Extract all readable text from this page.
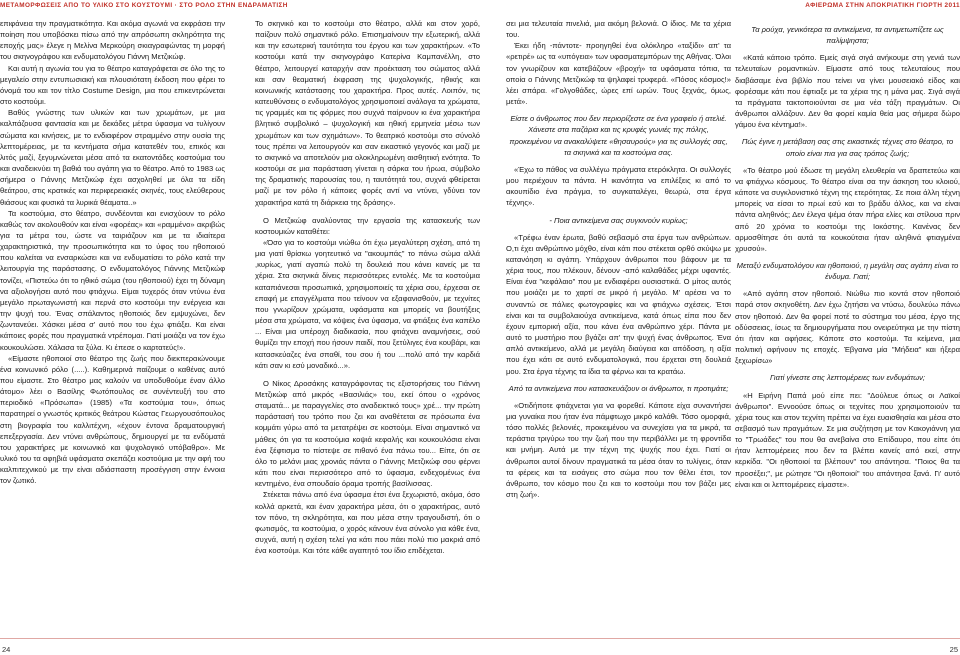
ΜΕΤΑΜΟΡΦΩΣΕΙΣ ΑΠΟ ΤΟ ΥΛΙΚΟ ΣΤΟ ΚΟΥΣΤΟΥΜΙ · ΣΤΟ ΡΟΛΟ ΣΤΗΝ ΕΝΔΡΑΜΑΤΙΣΗ	ΑΦΙΕΡΩΜΑ ΣΤΗΝ ΑΠΟΚΡΙΑΤΙΚΗ ΓΙΟΡΤΗ 2011

επιφάνεια την πραγματικότητα. Και ακόμα αγωνιά να εκφράσει την ποίηση που υποβόσκει πίσω από την απρόσωπη σκληρότητα της εποχής μας» έλεγε η Μελίνα Μερκούρη σκιαγραφώντας τη μορφή του σκηνογράφου και ενδυματολόγου Γιάννη Μετζικώφ.

Και αυτή η αγωνία του για το θέατρο καταγράφεται σε όλο της το μεγαλείο στην εντυπωσιακή και πλουσιότατη έκδοση που φέρει το όνομά του και τον τίτλο Costume Design, μια που επικεντρώνεται στο κοστούμι.

Βαθύς γνώστης των υλικών και των χρωμάτων, με μια καλπάζουσα φαντασία και με δεκάδες μέτρα ύφασμα να τυλίγουν σώματα και κινήσεις, με το ενδιαφέρον στραμμένο στην ουσία της λεπτομέρειας, με τα κεντήματα σήμα κατατεθέν του, επικός και λιτός μαζί, ξεγυμνώνεται μέσα από τα εκατοντάδες κοστούμια του και αναδεικνύει τη βαθιά του αγάπη για το θέατρο. Από το 1983 ως σήμερα ο Γιάννης Μετζικώφ έχει ασχοληθεί με όλα τα είδη θεάτρου, στις κρατικές και περιφερειακές σκηνές, τους ελεύθερους θιάσους και φυσικά τα λυρικά θέαματα..»

Τα κοστούμια, στο θέατρο, συνδέονται και ενισχύουν το ρόλο καθώς τον ακολουθούν και είναι «φορέας» και «ραμμένο» ακριβώς για τα μέτρα του, ώστε να ταιριάζουν και με τα ιδιαίτερα χαρακτηριστικά, την προσωπικότητα και το ύφος του ηθοποιού που καλείται να ενσαρκώσει και να ενδυματίσει το ρόλο κατά την λειτουργία της παράστασης. Ο ενδυματολόγος Γιάννης Μετζικώφ τονίζει, «Πιστεύω ότι το ηθικό σώμα (του ηθοποιού) έχει τη δύναμη να αξιολογήσει αυτό που φτιάχνω. Είμαι τυχερός όταν ντύνω ένα μεγάλο πρωταγωνιστή και περνά στο κοστούμι την ενέργεια και την ψυχή του. Ένας σπάλαντος ηθοποιός δεν εμψυχώνει, δεν ζωντανεύει. Χάσκει μέσα σ' αυτό που του έχω φτιάξει. Και είναι κάποιες φορές που πραγματικά ντρέπομαι. Γιατί μοιάζει να τον έχω κουκουλώσει. Χάλασα τα ξύλα. Κι έπεσε ο καρτατεύς!».

«Είμαστε ηθοποιοί στο θέατρο της ζωής που διεκπεραιώνουμε ένα κοινωνικό ρόλο (.....). Καθημερινά παίζουμε ο καθένας αυτό που είμαστε. Στο θέατρο μας καλούν να υποδυθούμε έναν άλλο άτομο» λέει ο Βασίλης Φωτόπουλος σε συνέντευξή του στο περιοδικό «Πρόσωπα» (1985) «Τα κοστούμια του», όπως παρατηρεί ο γνωστός κριτικός θεάτρου Κώστας Γεωργουσόπουλος στη βιογραφία του καλλιτέχνη, «έχουν έντονα δραματουργική επεξεργασία. Δεν ντύνει ανθρώπους, δημιουργεί με τα ενδύματά του χαρακτήρες με κοινωνικό και ψυχολογικό υπόβαθρο». Με υλικό του τα αφηβιά υφάσματα σκεπάζει κοστούμια με την αφή του καλπιτεχνικού με την είναι αδιάσπαστη προσέγγιση στην έννοια τον ζωτικό.

Το σκηνικό και το κοστούμι στο θέατρο, αλλά και στον χορό, παίζουν πολύ σημαντικό ρόλο. Επισημαίνουν την εξωτερική, αλλά και την εσωτερική ταυτότητα του έργου και των χαρακτήρων. «Το κοστούμι κατά την σκηνογράφο Κατερίνα Καμπανέλλη, στο θέατρο, λειτουργεί καταρχήν σαν προέκταση του σώματος αλλά και σαν θεαματική έκφραση της ψυχολογικής, ηθικής και κοινωνικής κατάστασης του χαρακτήρα. Προς αυτές. Λοιπόν, τις κατευθύνσεις ο ενδυματολόγος χρησιμοποιεί ανάλογα τα χρώματα, τις γραμμές και τις φόρμες που συχνά παίρνουν κι ένα χαρακτήρα βλητικό συμβολικό – ψυχολογική και ηθική ερμηνεία μέσω των χρωμάτων και των σχημάτων». Το θεατρικό κοστούμι στο σύνολό τους πρέπει να λειτουργούν και σαν εικαστικό γεγονός και μαζί με το σκηνικό να αποτελούν μια ολοκληρωμένη αισθητική ενότητα. Το κοστούμι σε μια παράσταση γίνεται η σάρκα του ήρωα, σύμβολο της δραματικής παρουσίας του, η ταυτότητά του, συχνά φθείρεται μαζί με τον ρόλο ή κάποιες φορές αντί να ντύνει, γδύνει τον χαρακτήρα κατά τη διάρκεια της δράσης».

Ο Μετζικώφ αναλύοντας την εργασία της κατασκευής των κοστουμιών καταθέτει:

«Όσο για το κοστούμι νιώθω ότι έχω μεγαλύτερη σχέση, από τη μια γιατί θρίσκω γοητευτικό να "ακουμπάς" το πάνω σώμα αλλά ,κυρίως, γιατί αγαπώ πολύ τη δουλειά που κάνει κανείς με τα χέρια. Στα σκηνικά δίνεις περισσότερες εντολές. Με τα κοστούμια καταπιάνεσαι προσωπικά, χρησιμοποιείς τα χέρια σου, έρχεσαι σε επαφή με επαγγέλματα που τείνουν να εξαφανισθούν, με τεχνίτες που γνωρίζουν χρώματα, υφάσματα και μπορείς να βουτήξεις μέσα στα χρώματα, να κόψεις ένα ύφασμα, να φτιάξεις ένα καπέλο ... Είναι μια υπέροχη διαδικασία, που φτιάχνει αναμνήσεις, σού θυμίζει την εποχή που ήσουν παιδί, που ξετύλιγες ένα κουβάρι, και κατασκεύαζες ένα σπαθί, του σου ή του ...πολύ από την καρδιά κάτι σαν κι εσύ μοναδικό...».

Ο Νίκος Δροσάκης καταγράφοντας τις εξιστορήσεις του Γιάννη Μετζικώφ από μικρός «Βασιλιάς» του, εκεί όπου ο «χρόνος σταματά... με παραγγελίες στο αναδεικτικό τους» χρέ... την πρώτη παράστασή του τρόπο που ζει και αναθέτεται σε πρόσωπα ένα κομμάτι γύρω από τα μετατρέψει σε κοστούμι. Είναι σημαντικό να μάθεις ότι για τα κοστούμια κοψιά κεφαλής και κουκουλόσια είναι ένα ξέφτισμα το πίστεψε σε πιθανό ένα πάνω του... Είπε, ότι σε όλο το μελάνι μιας χρονιάς πάντα ο Γιάννης Μετζικώφ σου φέρνει κάτι που είναι περισσότερο από το ύφασμα, ενδεχομένως ένα κεντημένο, ένα σπουδαίο όραμα τροπής βασίλισσας.

Στέκεται πάνω από ένα ύφασμα έτσι ένα ξεχωριστό, ακόμα, όσο κολλά αρκετά, και έναν χαρακτήρα μέσα, ότι ο χαρακτήρας, αυτό τον πόνο, τη σκληρότητα, και που μέσα στην τραγουδιστή, ότι ο φωτισμός, τα κοστούμια, ο χορός κάνουν ένα σύνολο για κάθε ένα, συχνά, αυτή η σχέση τελεί για κάτι που πάει πολύ πιο μακριά από ένα κοστούμι. Και τότε κάθε αγαπητό του ίδιο επιδέχεται.

σει μια τελευταία πινελιά, μια ακόμη βελονιά. Ο ίδιος. Με τα χέρια του.

Έκει ήδη -πάντοτε- προηγηθεί ένα ολόκληρο «ταξίδι» απ' τα «ρετιρέ» ως τα «υπόγεια» των υφασματεμπόρων της Αθήνας. Όλοι τον γνωρίζουν και κατεβάζουν «βροχή» τα υφάσματα τόπια, τα οποία ο Γιάννης Μετζικώφ τα ψηλαφεί τρυφερά. «Πόσος κόσμος!» λέει σπάρα. «Γολγοθάδες, ώρες επί ωρών. Τους ξεχνάς, όμως, μετά».

Είστε ο άνθρωπος που δεν περιορίζεστε σε ένα γραφείο ή ατελιέ. Χάνεστε στα παζάρια και τις κρυφές γωνιές της πόλης, προκειμένου να ανακαλύψετε «θησαυρούς» για τις συλλογές σας, τα σκηνικά και τα κοστούμια σας.

«Έχω το πάθος να συλλέγω πράγματα ετερόκλητα. Οι συλλογές μου περιέχουν τα πάντα. Η ικανότητα να επιλέξεις κι από το ακουπίδιο ένα πράγμα, το συγκαταλέγει, θεωρώ, στα έργα τέχνης».

- Ποια αντικείμενα σας συγκινούν κυρίως;

«Τρέφω έναν έρωτα, βαθύ σεβασμό στα έργα των ανθρώπων. Ο,τι έχει ανθρώπινο μόχθο, είναι κάτι που στέκεται ορθό σκύψω με κατανόηση κι αγάπη. Υπάρχουν άνθρωποι που βάφουν με τα χέρια τους, που πλέκουν, δένουν -από καλαθάδες μέχρι υφαντές. Είναι ένα "κεφάλαιο" που με ενδιαφέρει ουσιαστικά. Ο μίτος αυτός που μοιάζει με το χαρτί σε μικρό ή μεγάλο. Μ' αρέσει να το συναντώ σε πάλιες φωτογραφίες και να φτιάχνω σχέσεις. Έτσι είναι και τα συμβολαιούχα αντικείμενα, κατά όπως είπα που δεν έχουν εμπορική αξία, που κάνει ένα ανθρώπινο χέρι. Πάντα με αυτό το μυστήριο που βγάζει απ' την ψυχή ένας άνθρωπος. Ένα απλό αντικείμενο, αλλά με μεγάλη διαύγεια και απόδοση, η αξία που έχει κάτι σε αυτό ενδυματολογικά, που έρχεται στη δουλειά μου. Στα έργα τέχνης τα ίδια τα φέρνω και τα κρατάω.

Από τα αντικείμενα που κατασκευάζουν οι άνθρωποι, τι προτιμάτε;

«Οτιδήποτε φτιάχνεται για να φορεθεί. Κάποτε είχα συναντήσει μια γυναίκα που ήταν ένα πάμφτωχο μικρό καλάθι. Τόσο ομορφιά, τόσο πολλές βελονιές, προκειμένου να συνεχίσει για τα μικρά, τα τεράστια τριγύρω του την ζωή που την περιβάλλει με τη φροντίδα και μνήμη. Αυτά με την τέχνη της ψυχής που έχει. Γιατί οι άνθρωποι αυτοί δίνουν πραγματικά τα μέσα όταν το τυλίγεις, όταν τα φέρεις και τα εισάγεις στο σώμα που τον θέλει έτσι, τον άνθρωπο, τον κόσμο που ζει και το κοστούμι που τον βάζει μες στη ζωή».

Τα ρούχα, γενικότερα τα αντικείμενα, τα αντιμετωπίζετε ως παλίμψηστα;

«Κατά κάποιο τρόπο. Εμείς σιγά σιγά ανήκουμε στη γενιά των τελευταίων ρομαντικών. Είμαστε από τους τελευταίους που διαβάσαμε ένα βιβλίο που τείνει να γίνει μουσειακό είδος και φορέσαμε κάτι που έφτιαξε με τα χέρια της η μάνα μας. Σιγά σιγά τα πράγματα τακτοποιούνται σε μια νέα τάξη πραγμάτων. Οι άνθρωποι αλλάζουν. Δεν θα φορεί καμία θεία μας σήμερα δώρο γάμου ένα κέντημα!».

Πώς έγινε η μετάβαση σας στις εικαστικές τέχνες στο θέατρο, το οποίο είναι πια για σας τρόπος ζωής;

«Το θέατρο μού έδωσε τη μεγάλη ελευθερία να δραπετεύω και να φτιάχνω κόσμους. Το θέατρο είναι σα την άσκηση του κλοιού, κάποτε να συγκλονιστικό τέχνη της ετερότητας. Σε ποια άλλη τέχνη μπορείς να είσαι το πρωί εσύ και το βράδυ άλλος, και να είναι πάντα αληθινός; Δεν έλεγα ψέμα όταν πήρα ελίες και στίλουα πριν από 20 χρόνια το κοστούμι της Ιοκάστης. Κανένας δεν αρμοσθίτησε ότι αυτά τα κουκούτσια ήταν αληθινά φτιαγμένα χρυσού».

Μεταξύ ενδυματολόγου και ηθοποιού, η μεγάλη σας αγάπη είναι το ένδυμα. Γιατί;

«Από αγάπη στον ηθοποιό. Νιώθω πιο κοντά στον ηθοποιό παρά στον σκηνοθέτη. Δεν έχω ζητήσει να ντύσω, δουλεύω πάνω στον ηθοποιό. Δεν θα φορεί ποτέ το σύστημα του μέσα, έργο της οδύσσειας, ίσως τα δημιουργήματα που ονειρεύτηκα με την πίστη ότι ήταν και αφήσεις. Κάποτε στο κοστούμι. Τα κείμενα, μια πολιτική αφήνουν τις εποχές. Έβγαινα μία "Μήδεια" και ήξερα ξεχωρίσω»

Γιατί γίνεστε στις λεπτομέρειες των ενδυμάτων;

«Η Ειρήνη Παπά μού είπε πει: "Δούλευε όπως οι Λαϊκοί άνθρωποι". Εννοούσε όπως οι τεχνίτες που χρησιμοποιούν τα χέρια τους και στον τεχνίτη πρέπει να έχει ευαισθησία και μέσα στο σεβασμό των πραγμάτων. Σε μια συζήτηση με τον Κακογιάννη για το "Τρωάδες" του που θα ανεβαίνα στο Επίδαυρο, που είπε ότι ήταν λεπτομέρειες που δεν τα βλέπει κανείς από εκεί, στην κερκίδα. "Οι ηθοποιοί τα βλέπουν" του απάντησα. "Ποιος θα τα προσέξει;", με ρώτησε "Οι ηθοποιοί" του απάντησα ξανά. Γι' αυτό είναι και οι λεπτομέρειες είμαστε».

24	25
